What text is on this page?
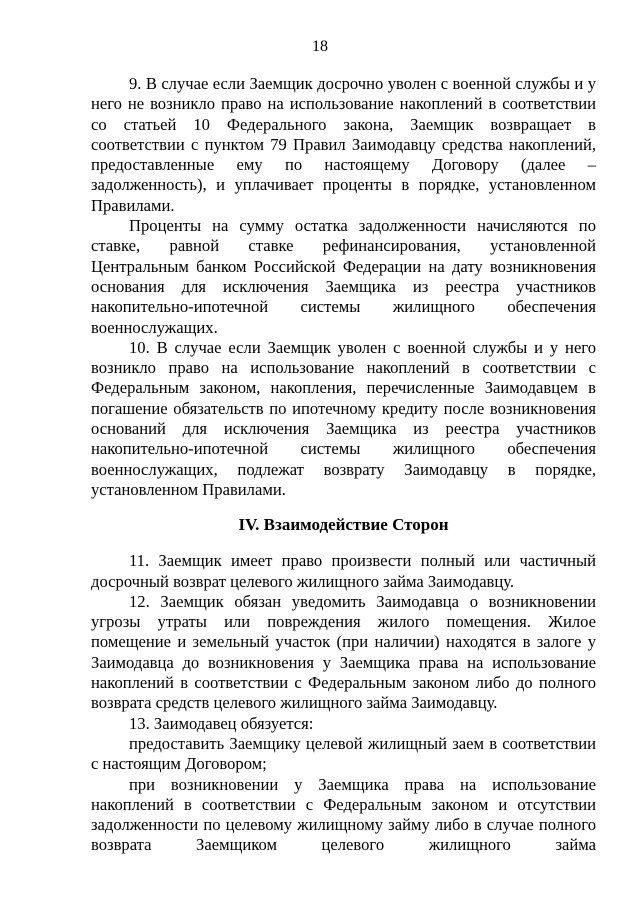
18

9. В случае если Заемщик досрочно уволен с военной службы и у него не возникло право на использование накоплений в соответствии со статьей 10 Федерального закона, Заемщик возвращает в соответствии с пунктом 79 Правил Заимодавцу средства накоплений, предоставленные ему по настоящему Договору (далее – задолженность), и уплачивает проценты в порядке, установленном Правилами.

Проценты на сумму остатка задолженности начисляются по ставке, равной ставке рефинансирования, установленной Центральным банком Российской Федерации на дату возникновения основания для исключения Заемщика из реестра участников накопительно-ипотечной системы жилищного обеспечения военнослужащих.

10. В случае если Заемщик уволен с военной службы и у него возникло право на использование накоплений в соответствии с Федеральным законом, накопления, перечисленные Заимодавцем в погашение обязательств по ипотечному кредиту после возникновения оснований для исключения Заемщика из реестра участников накопительно-ипотечной системы жилищного обеспечения военнослужащих, подлежат возврату Заимодавцу в порядке, установленном Правилами.

IV. Взаимодействие Сторон

11. Заемщик имеет право произвести полный или частичный досрочный возврат целевого жилищного займа Заимодавцу.

12. Заемщик обязан уведомить Заимодавца о возникновении угрозы утраты или повреждения жилого помещения. Жилое помещение и земельный участок (при наличии) находятся в залоге у Заимодавца до возникновения у Заемщика права на использование накоплений в соответствии с Федеральным законом либо до полного возврата средств целевого жилищного займа Заимодавцу.

13. Заимодавец обязуется:

предоставить Заемщику целевой жилищный заем в соответствии с настоящим Договором;

при возникновении у Заемщика права на использование накоплений в соответствии с Федеральным законом и отсутствии задолженности по целевому жилищному займу либо в случае полного возврата Заемщиком целевого жилищного займа
